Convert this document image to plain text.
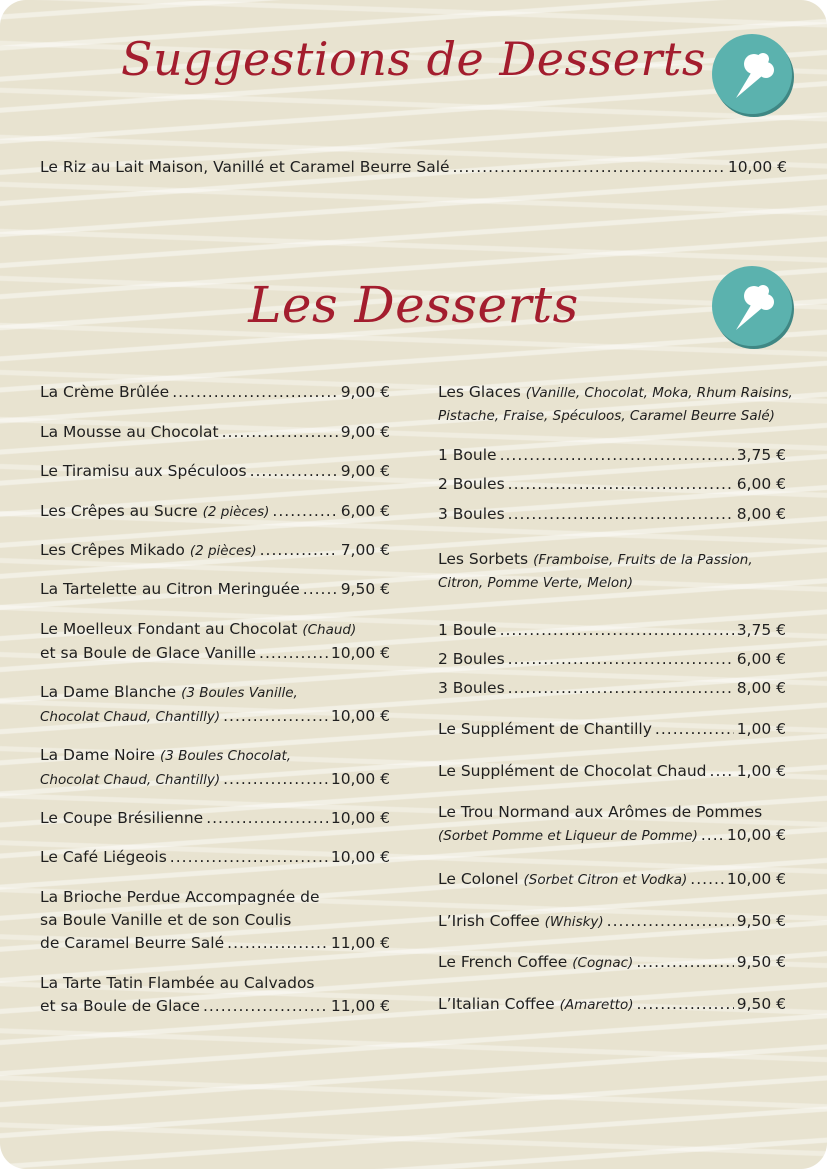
Suggestions de Desserts
Le Riz au Lait Maison, Vanillé et Caramel Beurre Salé .....	10,00 €
Les Desserts
La Crème Brûlée .....	9,00 €
La Mousse au Chocolat .....	9,00 €
Le Tiramisu aux Spéculoos .....	9,00 €
Les Crêpes au Sucre (2 pièces) .....	6,00 €
Les Crêpes Mikado (2 pièces) .....	7,00 €
La Tartelette au Citron Meringuée .....	9,50 €
Le Moelleux Fondant au Chocolat (Chaud)
et sa Boule de Glace Vanille .....	10,00 €
La Dame Blanche (3 Boules Vanille,
Chocolat Chaud, Chantilly) .....	10,00 €
La Dame Noire (3 Boules Chocolat,
Chocolat Chaud, Chantilly) .....	10,00 €
Le Coupe Brésilienne .....	10,00 €
Le Café Liégeois .....	10,00 €
La Brioche Perdue Accompagnée de
sa Boule Vanille et de son Coulis
de Caramel Beurre Salé .....	11,00 €
La Tarte Tatin Flambée au Calvados
et sa Boule de Glace .....	11,00 €
Les Glaces (Vanille, Chocolat, Moka, Rhum Raisins,
Pistache, Fraise, Spéculoos, Caramel Beurre Salé)
1 Boule .....	3,75 €
2 Boules .....	6,00 €
3 Boules .....	8,00 €
Les Sorbets (Framboise, Fruits de la Passion,
Citron, Pomme Verte, Melon)
1 Boule .....	3,75 €
2 Boules .....	6,00 €
3 Boules .....	8,00 €
Le Supplément de Chantilly .....	1,00 €
Le Supplément de Chocolat Chaud ..... 1,00 €
Le Trou Normand aux Arômes de Pommes
(Sorbet Pomme et Liqueur de Pomme) ..... 10,00 €
Le Colonel (Sorbet Citron et Vodka) .....	10,00 €
L’Irish Coffee (Whisky) .....	9,50 €
Le French Coffee (Cognac) .....	9,50 €
L’Italian Coffee (Amaretto) .....	9,50 €
